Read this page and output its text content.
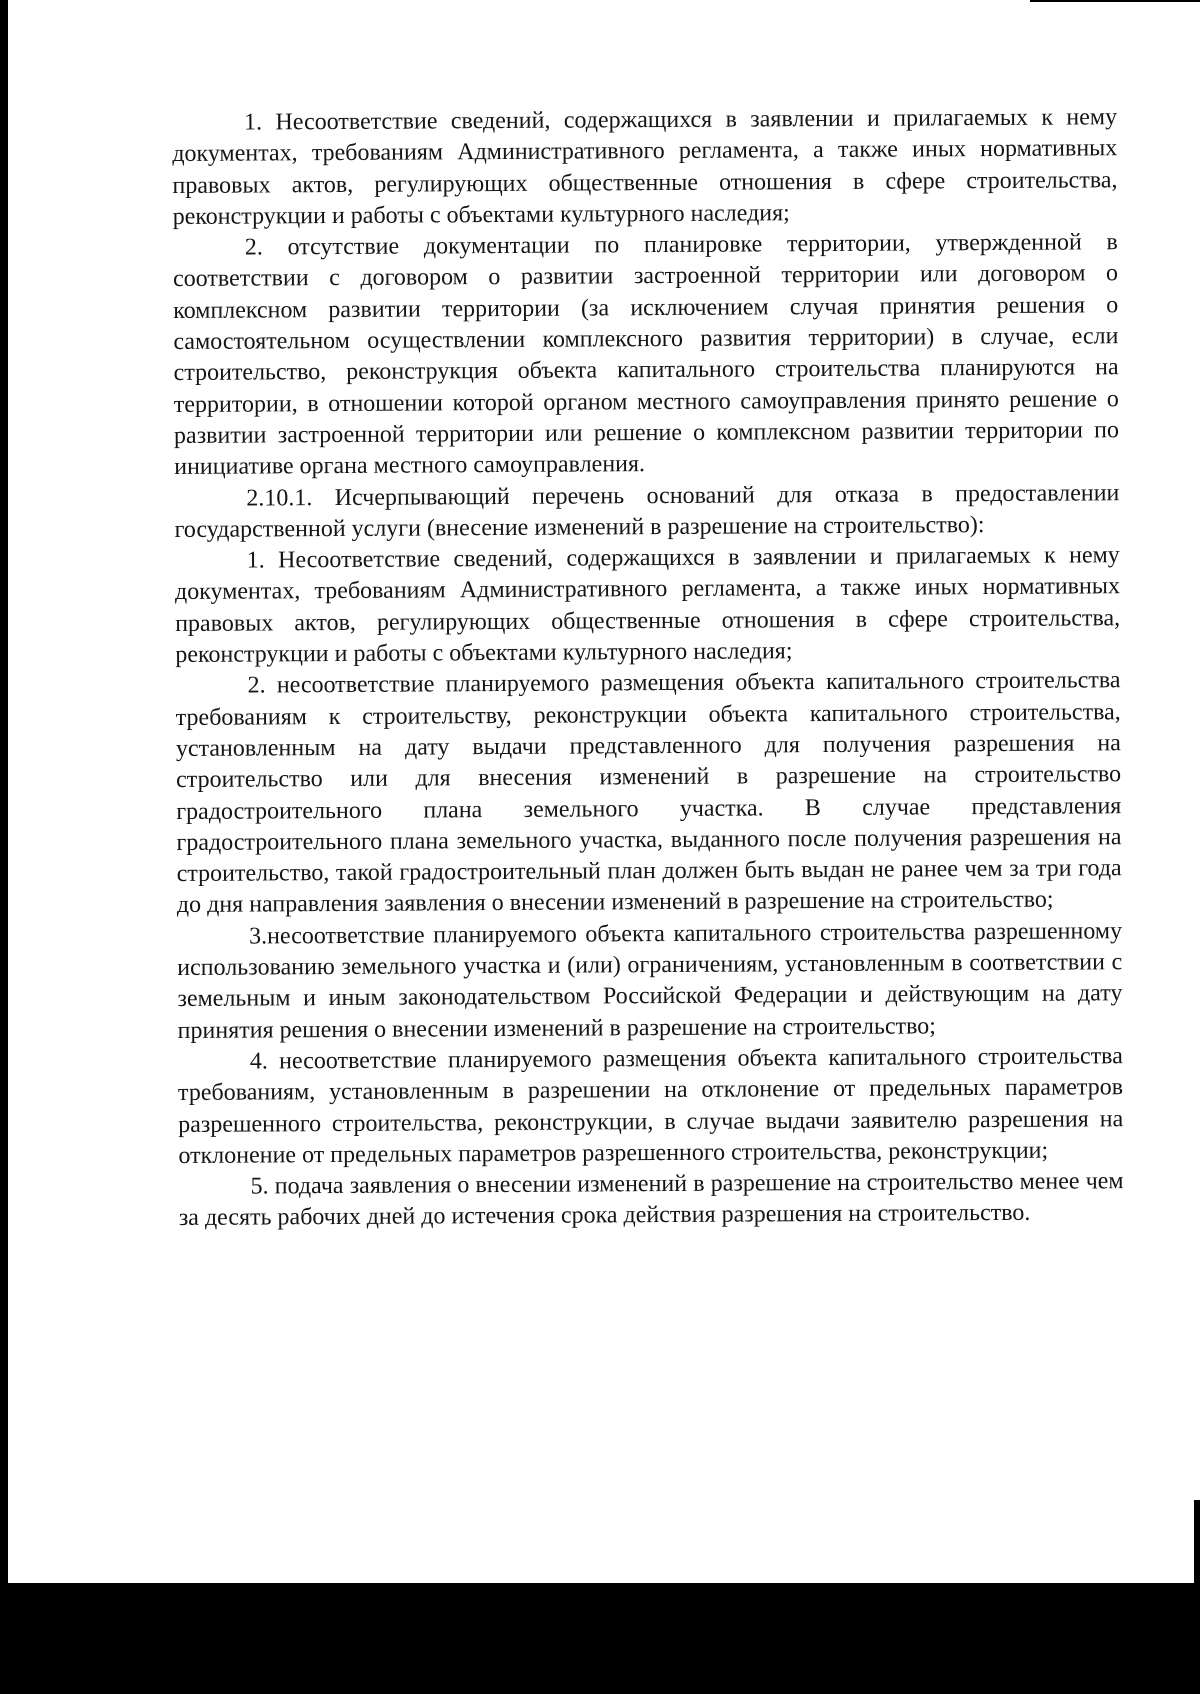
1. Несоответствие сведений, содержащихся в заявлении и прилагаемых к нему документах, требованиям Административного регламента, а также иных нормативных правовых актов, регулирующих общественные отношения в сфере строительства, реконструкции и работы с объектами культурного наследия;

2. отсутствие документации по планировке территории, утвержденной в соответствии с договором о развитии застроенной территории или договором о комплексном развитии территории (за исключением случая принятия решения о самостоятельном осуществлении комплексного развития территории) в случае, если строительство, реконструкция объекта капитального строительства планируются на территории, в отношении которой органом местного самоуправления принято решение о развитии застроенной территории или решение о комплексном развитии территории по инициативе органа местного самоуправления.

2.10.1. Исчерпывающий перечень оснований для отказа в предоставлении государственной услуги (внесение изменений в разрешение на строительство):

1. Несоответствие сведений, содержащихся в заявлении и прилагаемых к нему документах, требованиям Административного регламента, а также иных нормативных правовых актов, регулирующих общественные отношения в сфере строительства, реконструкции и работы с объектами культурного наследия;

2. несоответствие планируемого размещения объекта капитального строительства требованиям к строительству, реконструкции объекта капитального строительства, установленным на дату выдачи представленного для получения разрешения на строительство или для внесения изменений в разрешение на строительство градостроительного плана земельного участка. В случае представления градостроительного плана земельного участка, выданного после получения разрешения на строительство, такой градостроительный план должен быть выдан не ранее чем за три года до дня направления заявления о внесении изменений в разрешение на строительство;

3.несоответствие планируемого объекта капитального строительства разрешенному использованию земельного участка и (или) ограничениям, установленным в соответствии с земельным и иным законодательством Российской Федерации и действующим на дату принятия решения о внесении изменений в разрешение на строительство;

4. несоответствие планируемого размещения объекта капитального строительства требованиям, установленным в разрешении на отклонение от предельных параметров разрешенного строительства, реконструкции, в случае выдачи заявителю разрешения на отклонение от предельных параметров разрешенного строительства, реконструкции;

5. подача заявления о внесении изменений в разрешение на строительство менее чем за десять рабочих дней до истечения срока действия разрешения на строительство.
